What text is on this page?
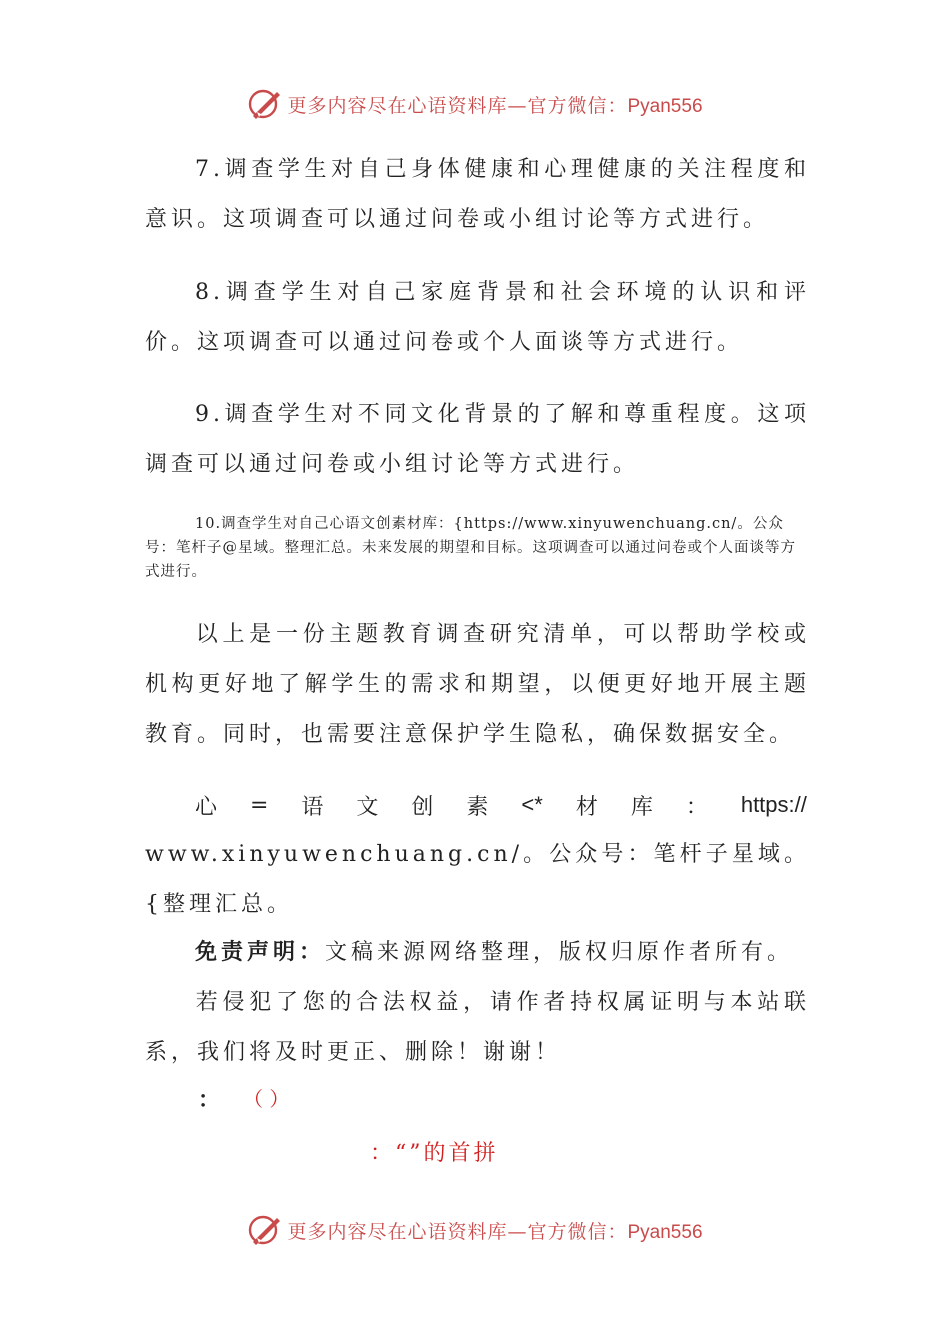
更多内容尽在心语资料库—官方微信：Pyan556

7.调查学生对自己身体健康和心理健康的关注程度和意识。这项调查可以通过问卷或小组讨论等方式进行。

8.调查学生对自己家庭背景和社会环境的认识和评价。这项调查可以通过问卷或个人面谈等方式进行。

9.调查学生对不同文化背景的了解和尊重程度。这项调查可以通过问卷或小组讨论等方式进行。

10.调查学生对自己心语文创素材库：{https://www.xinyuwenchuang.cn/。公众号：笔杆子@星域。整理汇总。未来发展的期望和目标。这项调查可以通过问卷或个人面谈等方式进行。

以上是一份主题教育调查研究清单，可以帮助学校或机构更好地了解学生的需求和期望，以便更好地开展主题教育。同时，也需要注意保护学生隐私，确保数据安全。

心 = 语 文 创 素 <* 材 库 ： https://

www.xinyuwenchuang.cn/。公众号：笔杆子星域。{整理汇总。

免责声明：文稿来源网络整理，版权归原作者所有。

若侵犯了您的合法权益，请作者持权属证明与本站联系，我们将及时更正、删除！谢谢！

： （ ）
：“”的首拼
更多内容尽在心语资料库—官方微信：Pyan556
